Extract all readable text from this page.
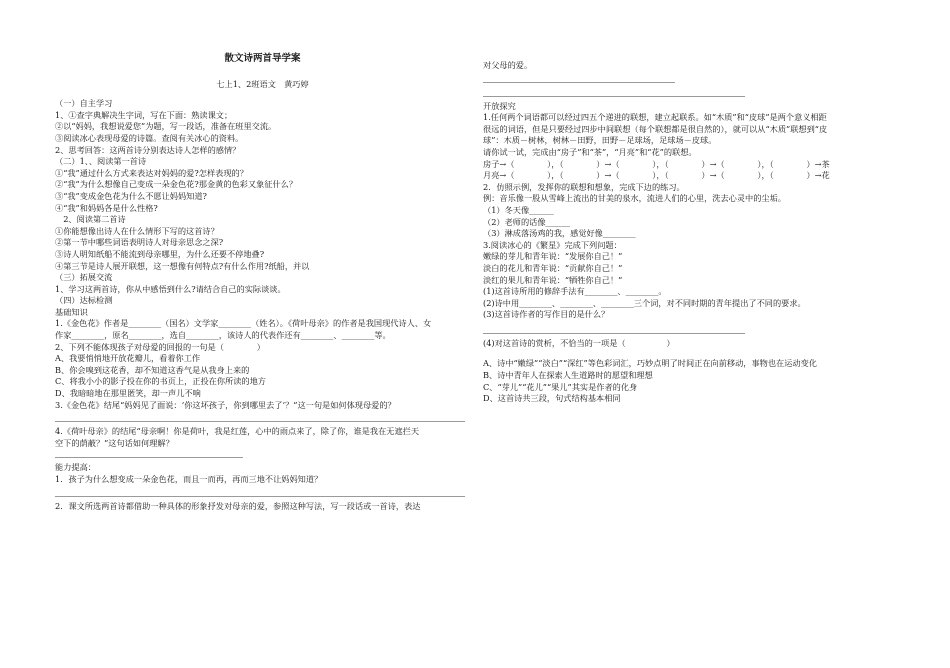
散文诗两首导学案

七上1、2班语文　黄巧婷

（一）自主学习

1、①查字典解决生字词，写在下面：熟读课文；

②以“妈妈，我想说爱您”为题，写一段话，准备在班里交流。

③阅读冰心表现母爱的诗篇。查阅有关冰心的资料。

2、思考回答：这两首诗分别表达诗人怎样的感情？

（二）1、、阅读第一首诗

①“我”通过什么方式来表达对妈妈的爱?怎样表现的？

②“我”为什么想像自己变成一朵金色花?那金黄的色彩又象征什么？

③“我”变成金色花为什么不愿让妈妈知道?

④“我”和妈妈各是什么性格?

　2、阅读第二首诗

①你能想像出诗人在什么情形下写的这首诗？

②第一节中哪些词语表明诗人对母亲思念之深?

③诗人明知纸船不能流到母亲哪里，为什么还要不停地叠?

④第三节是诗人展开联想，这一想像有何特点?有什么作用?纸船，并以

（三）拓展交流

1、学习这两首诗，你从中感悟到什么?请结合自己的实际谈谈。

（四）达标检测

基础知识

1.《金色花》作者是________（国名）文学家________（姓名）。《荷叶母亲》的作者是我国现代诗人、女

作家________，原名________，选自________，该诗人的代表作还有________、________等。

2、下列不能体现孩子对母爱的回报的一句是（　　　　）

A、我要悄悄地开放花瓣儿，看着你工作

B、你会嗅到这花香，却不知道这香气是从我身上来的

C、将我小小的影子投在你的书页上，正投在你所读的地方

D、我暗暗地在那里匿笑，却一声儿不响

3.《金色花》结尾“妈妈见了面说：‘你这坏孩子，你到哪里去了’？”这一句是如何体现母爱的？

4.《荷叶母亲》的结尾“母亲啊！你是荷叶，我是红莲，心中的雨点来了，除了你，谁是我在无遮拦天

空下的荫蔽？”这句话如何理解？

能力提高：

1．孩子为什么想变成一朵金色花，而且一而再，再而三地不让妈妈知道？

2．课文所选两首诗都借助一种具体的形象抒发对母亲的爱，参照这种写法，写一段话或一首诗，表达

对父母的爱。

开放探究

1.任何两个词语都可以经过四五个递进的联想，建立起联系。如“木质”和“皮球”是两个意义相距

很远的词语，但是只要经过四步中间联想（每个联想都是很自然的），就可以从“木质”联想到“皮

球”：木质－树林，树林－田野，田野－足球场，足球场－皮球。

请你试一试，完成由“房子”和“茶”，“月亮”和“花”的联想。

房子→（　　　　），（　　　　）→（　　　　），（　　　　）→（　　　　），（　　　　）→茶

月亮→（　　　　），（　　　　）→（　　　　），（　　　　）→（　　　　），（　　　　）→花

2．仿照示例，发挥你的联想和想象，完成下边的练习。

例：音乐像一股从雪峰上流出的甘美的泉水，流进人们的心里，洗去心灵中的尘垢。

（1）冬天像______

（2）老师的话像______

（3）淋成落汤鸡的我，感觉好像________

3.阅读冰心的《繁星》完成下列问题：

嫩绿的芽儿和青年说：“发展你自己！”

淡白的花儿和青年说：“贡献你自己！”

淡红的果儿和青年说：“牺牲你自己！”

(1)这首诗所用的修辞手法有________、________。

(2)诗中用________、________、________三个词，对不同时期的青年提出了不同的要求。

(3)这首诗作者的写作目的是什么？

(4)对这首诗的赏析，不恰当的一项是（　　　　　）

A、诗中“嫩绿”“淡白”“深红”等色彩词汇，巧妙点明了时间正在向前移动，事物也在运动变化

B、诗中青年人在探索人生道路时的愿望和理想

C、“芽儿”“花儿”“果儿”其实是作者的化身

D、这首诗共三段，句式结构基本相同
